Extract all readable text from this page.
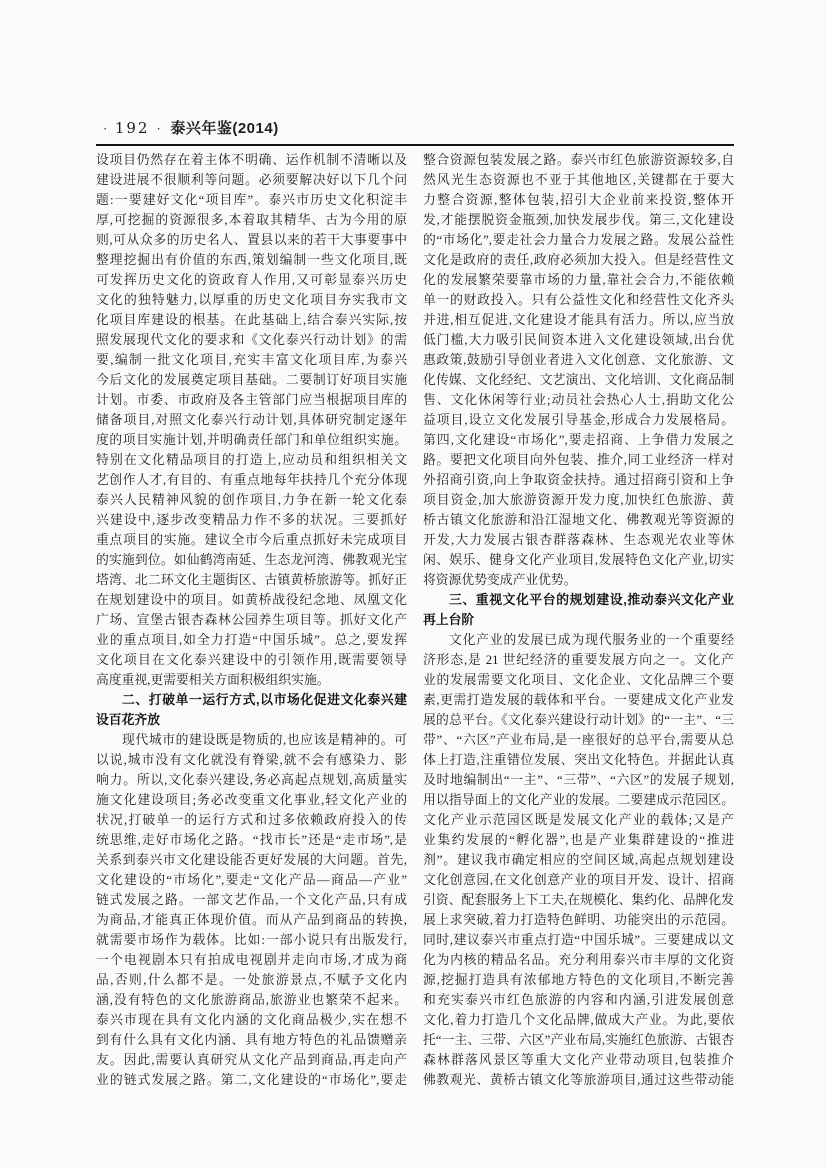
· 192 · 泰兴年鉴(2014)
设项目仍然存在着主体不明确、运作机制不清晰以及
建设进展不很顺利等问题。必须要解决好以下几个问
题:一要建好文化“项目库”。泰兴市历史文化积淀丰
厚,可挖掘的资源很多,本着取其精华、古为今用的原
则,可从众多的历史名人、置县以来的若干大事要事中
整理挖掘出有价值的东西,策划编制一些文化项目,既
可发挥历史文化的资政育人作用,又可彰显泰兴历史
文化的独特魅力,以厚重的历史文化项目夯实我市文
化项目库建设的根基。在此基础上,结合泰兴实际,按
照发展现代文化的要求和《文化泰兴行动计划》的需
要,编制一批文化项目,充实丰富文化项目库,为泰兴
今后文化的发展奠定项目基础。二要制订好项目实施
计划。市委、市政府及各主管部门应当根据项目库的
储备项目,对照文化泰兴行动计划,具体研究制定逐年
度的项目实施计划,并明确责任部门和单位组织实施。
特别在文化精品项目的打造上,应动员和组织相关文
艺创作人才,有目的、有重点地每年扶持几个充分体现
泰兴人民精神风貌的创作项目,力争在新一轮文化泰
兴建设中,逐步改变精品力作不多的状况。三要抓好
重点项目的实施。建议全市今后重点抓好未完成项目
的实施到位。如仙鹤湾南延、生态龙河湾、佛教观光宝
塔湾、北二环文化主题街区、古镇黄桥旅游等。抓好正
在规划建设中的项目。如黄桥战役纪念地、凤凰文化
广场、宣堡古银杏森林公园养生项目等。抓好文化产
业的重点项目,如全力打造“中国乐城”。总之,要发挥
文化项目在文化泰兴建设中的引领作用,既需要领导
高度重视,更需要相关方面积极组织实施。
二、打破单一运行方式,以市场化促进文化泰兴建
设百花齐放
现代城市的建设既是物质的,也应该是精神的。可
以说,城市没有文化就没有脊梁,就不会有感染力、影
响力。所以,文化泰兴建设,务必高起点规划,高质量实
施文化建设项目;务必改变重文化事业,轻文化产业的
状况,打破单一的运行方式和过多依赖政府投入的传
统思维,走好市场化之路。“找市长”还是“走市场”,是
关系到泰兴市文化建设能否更好发展的大问题。首先,
文化建设的“市场化”,要走“文化产品—商品—产业”
链式发展之路。一部文艺作品,一个文化产品,只有成
为商品,才能真正体现价值。而从产品到商品的转换,
就需要市场作为载体。比如:一部小说只有出版发行,
一个电视剧本只有拍成电视剧并走向市场,才成为商
品,否则,什么都不是。一处旅游景点,不赋予文化内
涵,没有特色的文化旅游商品,旅游业也繁荣不起来。
泰兴市现在具有文化内涵的文化商品极少,实在想不
到有什么具有文化内涵、具有地方特色的礼品馈赠亲
友。因此,需要认真研究从文化产品到商品,再走向产
业的链式发展之路。第二,文化建设的“市场化”,要走
整合资源包装发展之路。泰兴市红色旅游资源较多,自
然风光生态资源也不亚于其他地区,关键都在于要大
力整合资源,整体包装,招引大企业前来投资,整体开
发,才能摆脱资金瓶颈,加快发展步伐。第三,文化建设
的“市场化”,要走社会力量合力发展之路。发展公益性
文化是政府的责任,政府必须加大投入。但是经营性文
化的发展繁荣要靠市场的力量,靠社会合力,不能依赖
单一的财政投入。只有公益性文化和经营性文化齐头
并进,相互促进,文化建设才能具有活力。所以,应当放
低门槛,大力吸引民间资本进入文化建设领域,出台优
惠政策,鼓励引导创业者进入文化创意、文化旅游、文
化传媒、文化经纪、文艺演出、文化培训、文化商品制
售、文化休闲等行业;动员社会热心人士,捐助文化公
益项目,设立文化发展引导基金,形成合力发展格局。
第四,文化建设“市场化”,要走招商、上争借力发展之
路。要把文化项目向外包装、推介,同工业经济一样对
外招商引资,向上争取资金扶持。通过招商引资和上争
项目资金,加大旅游资源开发力度,加快红色旅游、黄
桥古镇文化旅游和沿江湿地文化、佛教观光等资源的
开发,大力发展古银杏群落森林、生态观光农业等休
闲、娱乐、健身文化产业项目,发展特色文化产业,切实
将资源优势变成产业优势。
三、重视文化平台的规划建设,推动泰兴文化产业
再上台阶
文化产业的发展已成为现代服务业的一个重要经
济形态,是 21 世纪经济的重要发展方向之一。文化产
业的发展需要文化项目、文化企业、文化品牌三个要
素,更需打造发展的载体和平台。一要建成文化产业发
展的总平台。《文化泰兴建设行动计划》的“一主”、“三
带”、“六区”产业布局,是一座很好的总平台,需要从总
体上打造,注重错位发展、突出文化特色。并据此认真
及时地编制出“一主”、“三带”、“六区”的发展子规划,
用以指导面上的文化产业的发展。二要建成示范园区。
文化产业示范园区既是发展文化产业的载体;又是产
业集约发展的“孵化器”,也是产业集群建设的“推进
剂”。建议我市确定相应的空间区域,高起点规划建设
文化创意园,在文化创意产业的项目开发、设计、招商
引资、配套服务上下工夫,在规模化、集约化、品牌化发
展上求突破,着力打造特色鲜明、功能突出的示范园。
同时,建议泰兴市重点打造“中国乐城”。三要建成以文
化为内核的精品名品。充分利用泰兴市丰厚的文化资
源,挖掘打造具有浓郁地方特色的文化项目,不断完善
和充实泰兴市红色旅游的内容和内涵,引进发展创意
文化,着力打造几个文化品牌,做成大产业。为此,要依
托“一主、三带、六区”产业布局,实施红色旅游、古银杏
森林群落风景区等重大文化产业带动项目,包装推介
佛教观光、黄桥古镇文化等旅游项目,通过这些带动能
